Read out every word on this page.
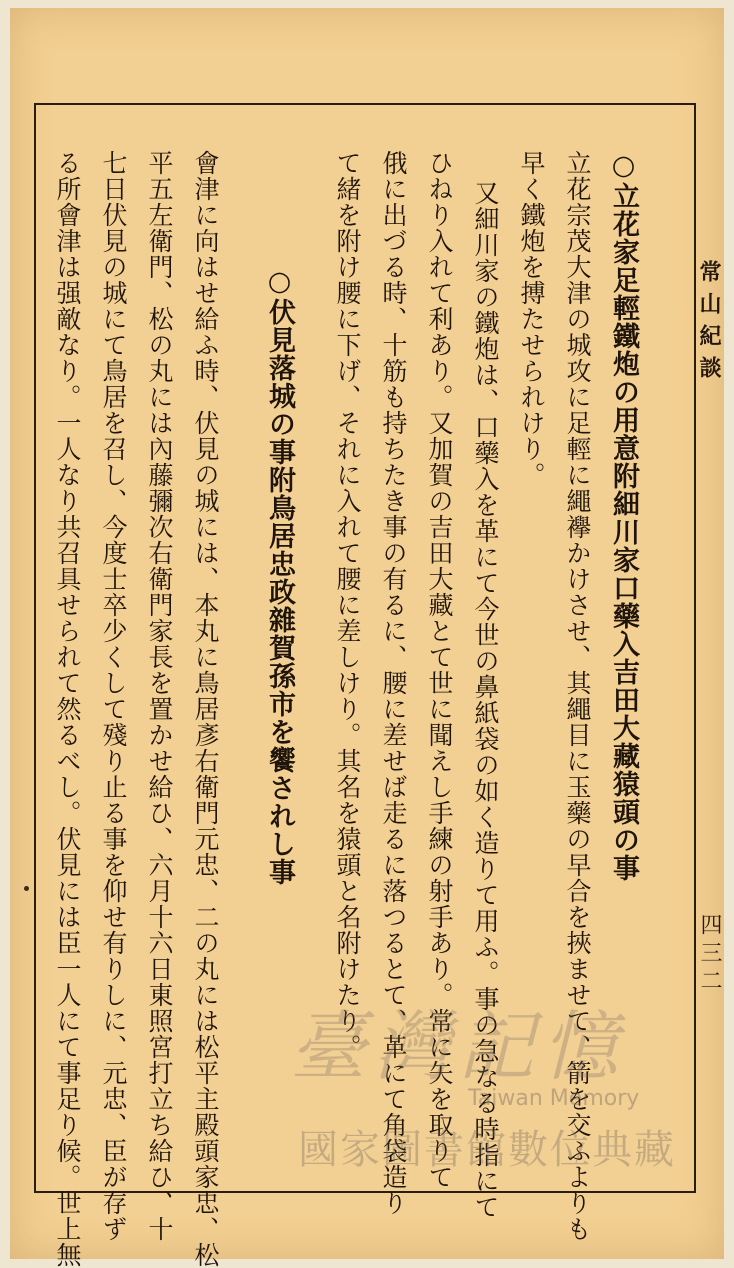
常山紀談
四三二
○立花家足輕鐵炮の用意附細川家口藥入吉田大藏猿頭の事
立花宗茂大津の城攻に足輕に繩襷かけさせ、其繩目に玉藥の早合を挾ませて、箭を交ふよりも
早く鐵炮を搏たせられけり。
又細川家の鐵炮は、口藥入を革にて今世の鼻紙袋の如く造りて用ふ。事の急なる時指にて
ひねり入れて利あり。又加賀の吉田大藏とて世に聞えし手練の射手あり。常に矢を取りて
俄に出づる時、十筋も持ちたき事の有るに、腰に差せば走るに落つるとて、革にて角袋造り
て緒を附け腰に下げ、それに入れて腰に差しけり。其名を猿頭と名附けたり。
○伏見落城の事附鳥居忠政雜賀孫市を饗されし事
會津に向はせ給ふ時、伏見の城には、本丸に鳥居彥右衛門元忠、二の丸には松平主殿頭家忠、松
平五左衛門、松の丸には內藤彌次右衛門家長を置かせ給ひ、六月十六日東照宮打立ち給ひ、十
七日伏見の城にて鳥居を召し、今度士卒少くして殘り止る事を仰せ有りしに、元忠、臣が存ず
る所會津は强敵なり。一人なり共召具せられて然るべし。伏見には臣一人にて事足り候。世上無	臺灣記憶
Taiwan Memory
國家圖書館數位典藏
